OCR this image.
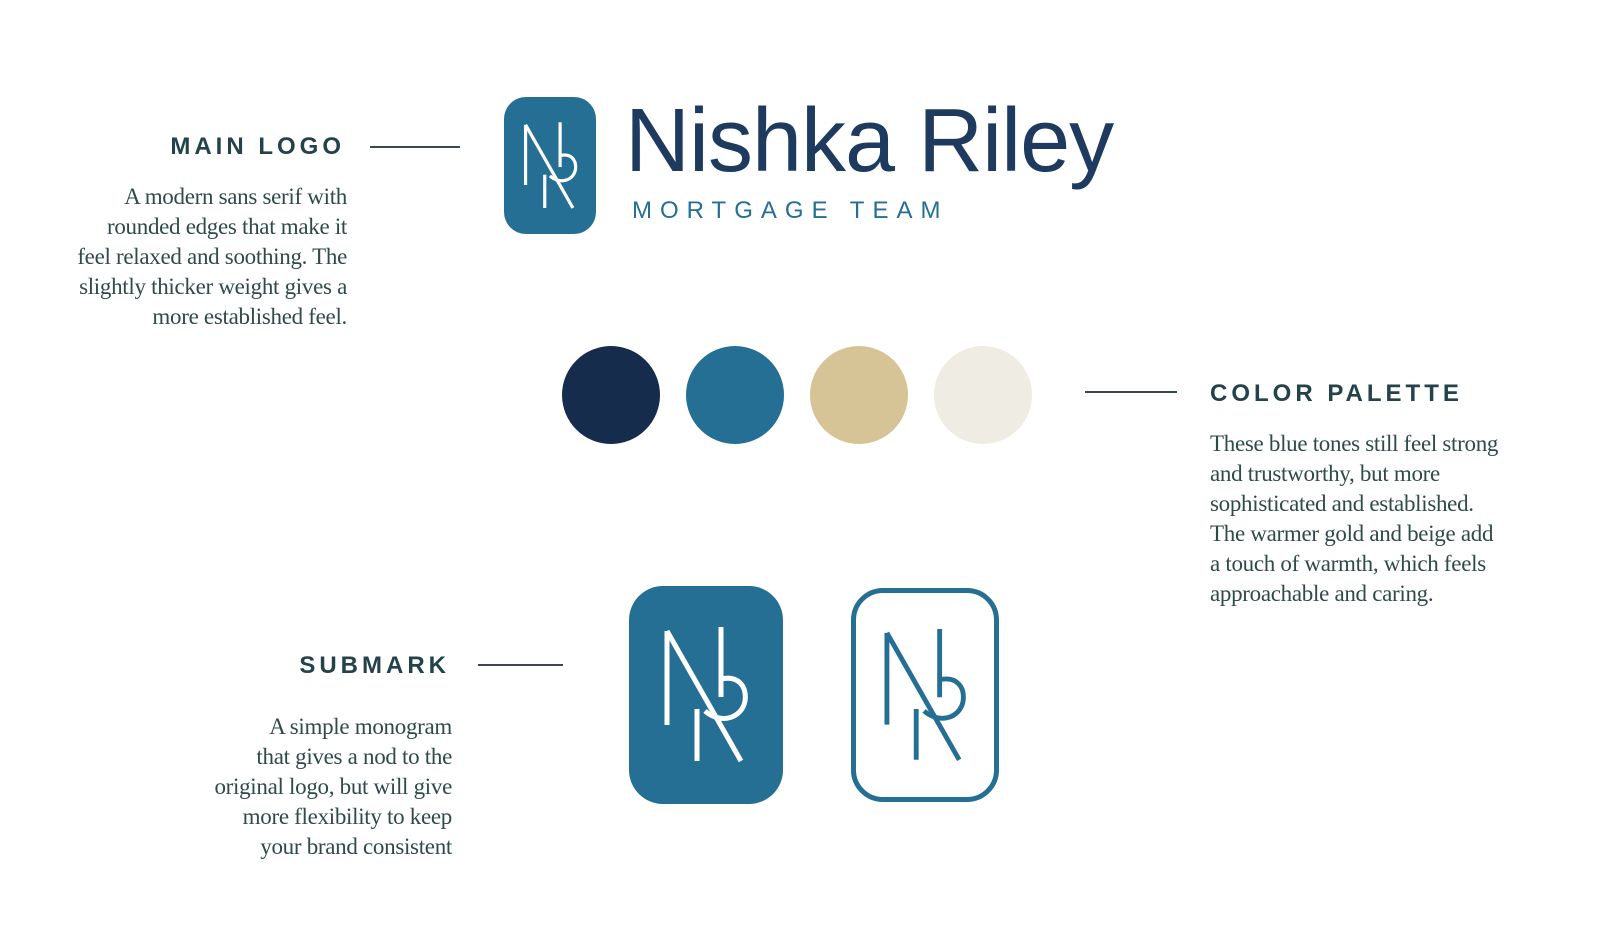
MAIN LOGO
A modern sans serif with
rounded edges that make it
feel relaxed and soothing. The
slightly thicker weight gives a
more established feel.
Nishka Riley
MORTGAGE TEAM
COLOR PALETTE
These blue tones still feel strong
and trustworthy, but more
sophisticated and established.
The warmer gold and beige add
a touch of warmth, which feels
approachable and caring.
SUBMARK
A simple monogram
that gives a nod to the
original logo, but will give
more flexibility to keep
your brand consistent
